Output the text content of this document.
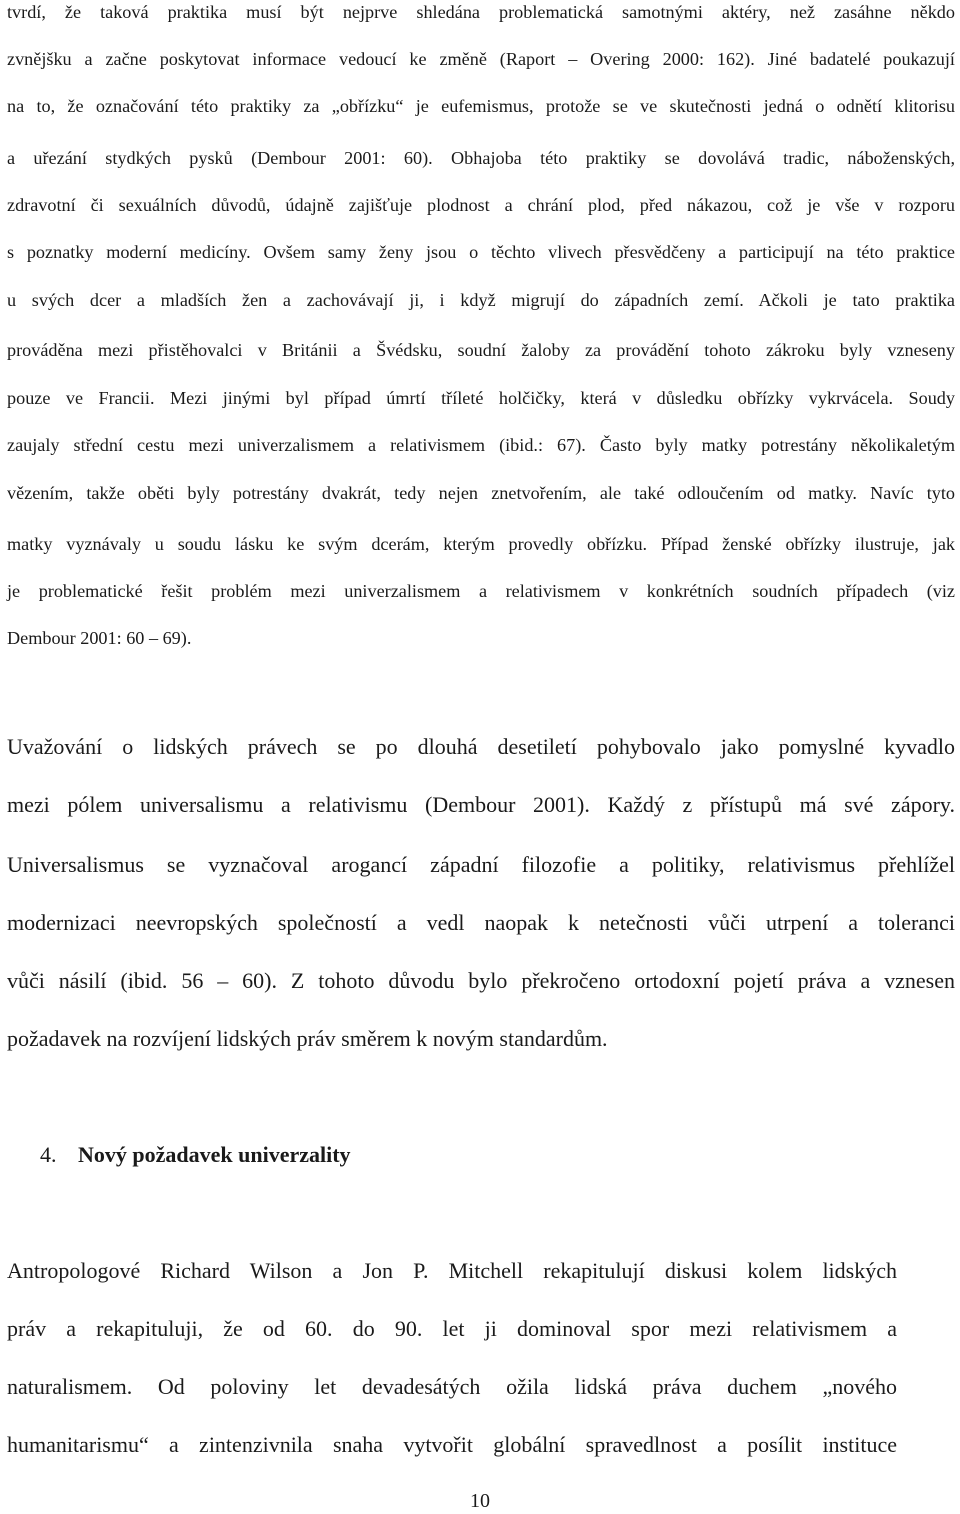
tvrdí, že taková praktika musí být nejprve shledána problematická samotnými aktéry, než zasáhne někdo
zvnějšku a začne poskytovat informace vedoucí ke změně (Raport – Overing 2000: 162). Jiné badatelé poukazují
na to, že označování této praktiky za „obřízku“ je eufemismus, protože se ve skutečnosti jedná o odnětí klitorisu
a uřezání stydkých pysků (Dembour 2001: 60). Obhajoba této praktiky se dovolává tradic, náboženských,
zdravotní či sexuálních důvodů, údajně zajišťuje plodnost a chrání plod, před nákazou, což je vše v rozporu
s poznatky moderní medicíny. Ovšem samy ženy jsou o těchto vlivech přesvědčeny a participují na této praktice
u svých dcer a mladších žen a zachovávají ji, i když migrují do západních zemí. Ačkoli je tato praktika
prováděna mezi přistěhovalci v Británii a Švédsku, soudní žaloby za provádění tohoto zákroku byly vzneseny
pouze ve Francii. Mezi jinými byl případ úmrtí tříleté holčičky, která v důsledku obřízky vykrvácela. Soudy
zaujaly střední cestu mezi univerzalismem a relativismem (ibid.: 67). Často byly matky potrestány několikaletým
vězením, takže oběti byly potrestány dvakrát, tedy nejen znetvořením, ale také odloučením od matky. Navíc tyto
matky vyznávaly u soudu lásku ke svým dcerám, kterým provedly obřízku. Případ ženské obřízky ilustruje, jak
je problematické řešit problém mezi univerzalismem a relativismem v konkrétních soudních případech (viz
Dembour 2001: 60 – 69).
Uvažování o lidských právech se po dlouhá desetiletí pohybovalo jako pomyslné kyvadlo
mezi pólem universalismu a relativismu (Dembour 2001). Každý z přístupů má své zápory.
Universalismus se vyznačoval arogancí západní filozofie a politiky, relativismus přehlížel
modernizaci neevropských společností a vedl naopak k netečnosti vůči utrpení a toleranci
vůči násilí (ibid. 56 – 60). Z tohoto důvodu bylo překročeno ortodoxní pojetí práva a vznesen
požadavek na rozvíjení lidských práv směrem k novým standardům.
4. Nový požadavek univerzality
Antropologové Richard Wilson a Jon P. Mitchell rekapitulují diskusi kolem lidských
práv a rekapituluji, že od 60. do 90. let ji dominoval spor mezi relativismem a
naturalismem. Od poloviny let devadesátých ožila lidská práva duchem „nového
humanitarismu“ a zintenzivnila snaha vytvořit globální spravedlnost a posílit instituce
10
